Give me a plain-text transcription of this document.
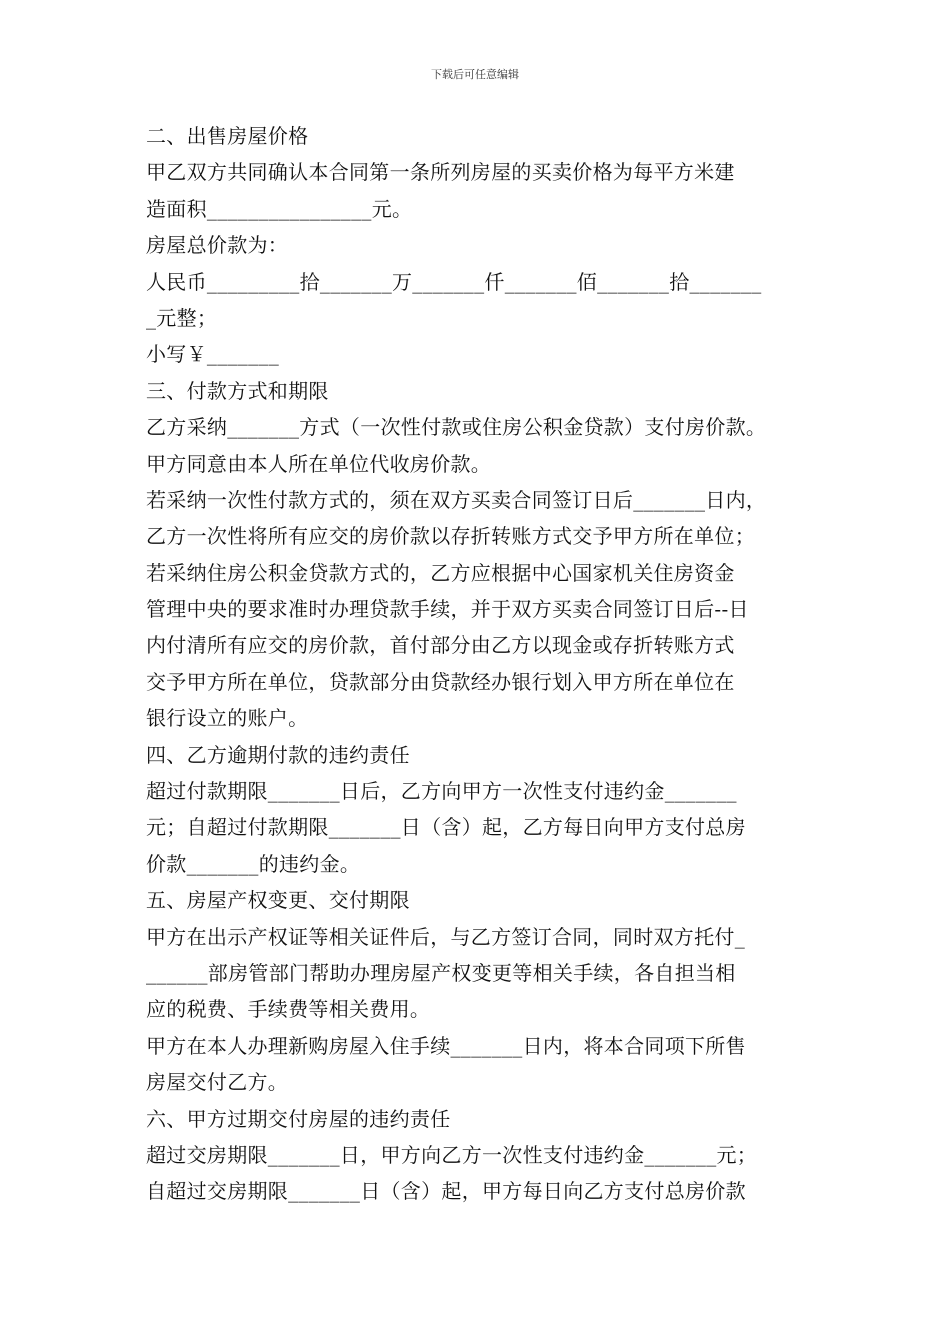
下载后可任意编辑
二、出售房屋价格
甲乙双方共同确认本合同第一条所列房屋的买卖价格为每平方米建
造面积________________元。
房屋总价款为：
人民币_________拾_______万_______仟_______佰_______拾_______
_元整；
小写￥_______
三、付款方式和期限
乙方采纳_______方式（一次性付款或住房公积金贷款）支付房价款。
甲方同意由本人所在单位代收房价款。
若采纳一次性付款方式的，须在双方买卖合同签订日后_______日内，
乙方一次性将所有应交的房价款以存折转账方式交予甲方所在单位；
若采纳住房公积金贷款方式的，乙方应根据中心国家机关住房资金
管理中央的要求准时办理贷款手续，并于双方买卖合同签订日后--日
内付清所有应交的房价款，首付部分由乙方以现金或存折转账方式
交予甲方所在单位，贷款部分由贷款经办银行划入甲方所在单位在
银行设立的账户。
四、乙方逾期付款的违约责任
超过付款期限_______日后，乙方向甲方一次性支付违约金_______
元；自超过付款期限_______日（含）起，乙方每日向甲方支付总房
价款_______的违约金。
五、房屋产权变更、交付期限
甲方在出示产权证等相关证件后，与乙方签订合同，同时双方托付_
______部房管部门帮助办理房屋产权变更等相关手续，各自担当相
应的税费、手续费等相关费用。
甲方在本人办理新购房屋入住手续_______日内，将本合同项下所售
房屋交付乙方。
六、甲方过期交付房屋的违约责任
超过交房期限_______日，甲方向乙方一次性支付违约金_______元；
自超过交房期限_______日（含）起，甲方每日向乙方支付总房价款
